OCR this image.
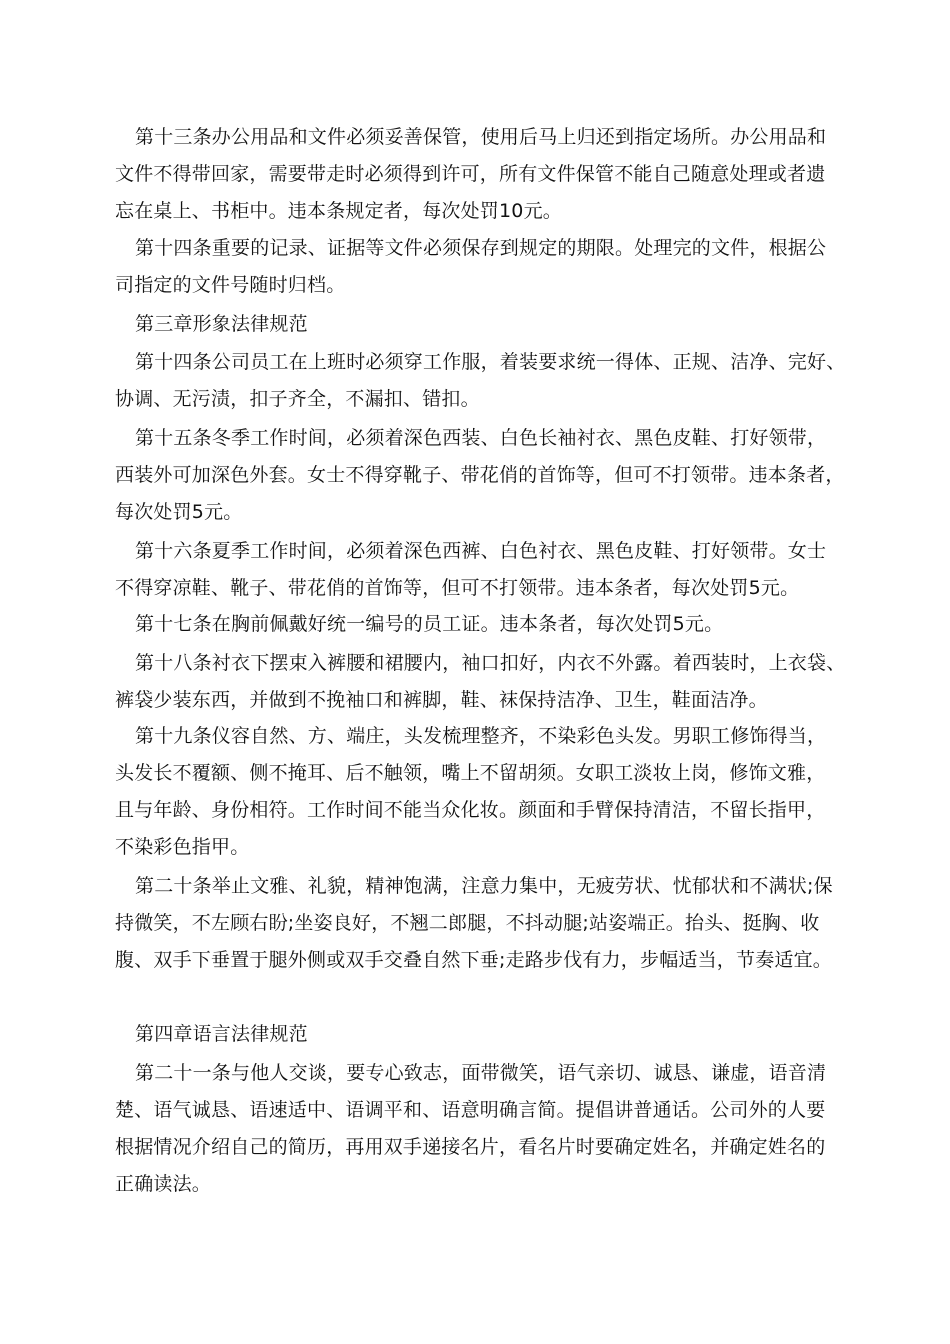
第十三条办公用品和文件必须妥善保管，使用后马上归还到指定场所。办公用品和
文件不得带回家，需要带走时必须得到许可，所有文件保管不能自己随意处理或者遗
忘在桌上、书柜中。违本条规定者，每次处罚10元。
第十四条重要的记录、证据等文件必须保存到规定的期限。处理完的文件，根据公
司指定的文件号随时归档。
第三章形象法律规范
第十四条公司员工在上班时必须穿工作服，着装要求统一得体、正规、洁净、完好、
协调、无污渍，扣子齐全，不漏扣、错扣。
第十五条冬季工作时间，必须着深色西装、白色长袖衬衣、黑色皮鞋、打好领带，
西装外可加深色外套。女士不得穿靴子、带花俏的首饰等，但可不打领带。违本条者，
每次处罚5元。
第十六条夏季工作时间，必须着深色西裤、白色衬衣、黑色皮鞋、打好领带。女士
不得穿凉鞋、靴子、带花俏的首饰等，但可不打领带。违本条者，每次处罚5元。
第十七条在胸前佩戴好统一编号的员工证。违本条者，每次处罚5元。
第十八条衬衣下摆束入裤腰和裙腰内，袖口扣好，内衣不外露。着西装时，上衣袋、
裤袋少装东西，并做到不挽袖口和裤脚，鞋、袜保持洁净、卫生，鞋面洁净。
第十九条仪容自然、方、端庄，头发梳理整齐，不染彩色头发。男职工修饰得当，
头发长不覆额、侧不掩耳、后不触领，嘴上不留胡须。女职工淡妆上岗，修饰文雅，
且与年龄、身份相符。工作时间不能当众化妆。颜面和手臂保持清洁，不留长指甲，
不染彩色指甲。
第二十条举止文雅、礼貌，精神饱满，注意力集中，无疲劳状、忧郁状和不满状;保
持微笑，不左顾右盼;坐姿良好，不翘二郎腿，不抖动腿;站姿端正。抬头、挺胸、收
腹、双手下垂置于腿外侧或双手交叠自然下垂;走路步伐有力，步幅适当，节奏适宜。
第四章语言法律规范
第二十一条与他人交谈，要专心致志，面带微笑，语气亲切、诚恳、谦虚，语音清
楚、语气诚恳、语速适中、语调平和、语意明确言简。提倡讲普通话。公司外的人要
根据情况介绍自己的简历，再用双手递接名片，看名片时要确定姓名，并确定姓名的
正确读法。
